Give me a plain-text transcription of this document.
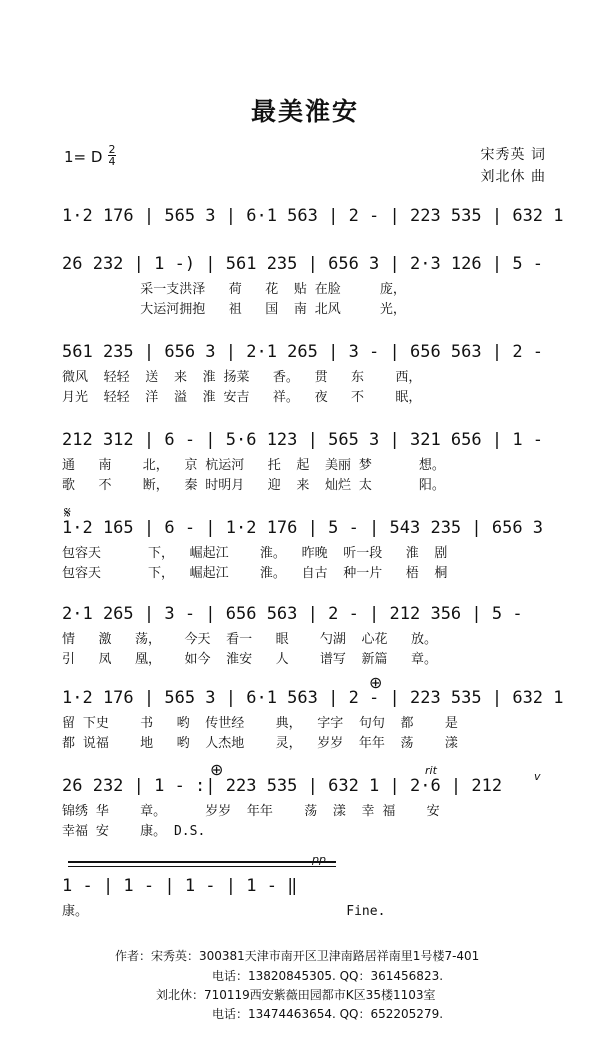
最美淮安
1= D 2
4	宋秀英 词
刘北休 曲
1·2 176 | 565 3 | 6·1 563 | 2 - | 223 535 | 632 1
26 232 | 1 -) | 561 235 | 656 3 | 2·3 126 | 5 -
采一支洪泽   荷   花  贴 在脸     庞，
大运河拥抱   祖   国  南 北风     光，
561 235 | 656 3 | 2·1 265 | 3 - | 656 563 | 2 -
微风  轻轻  送  来  淮 扬菜   香。  贯   东    西，
月光  轻轻  洋  溢  淮 安吉   祥。  夜   不    眠，
212 312 | 6 - | 5·6 123 | 565 3 | 321 656 | 1 -
通   南    北，  京 杭运河   托  起  美丽 梦      想。
歌   不    断，  秦 时明月   迎  来  灿烂 太      阳。
𝄋
1·2 165 | 6 - | 1·2 176 | 5 - | 543 235 | 656 3
包容天      下，  崛起江    淮。  昨晚  听一段   淮  剧
包容天      下，  崛起江    淮。  自古  种一片   梧  桐
2·1 265 | 3 - | 656 563 | 2 - | 212 356 | 5 -
情   激   荡，   今天  看一   眼    勺湖  心花   放。
引   凤   凰，   如今  淮安   人    谱写  新篇   章。
⊕
1·2 176 | 565 3 | 6·1 563 | 2 - | 223 535 | 632 1
留 下史    书   哟  传世经    典，  字字  句句  都    是
都 说福    地   哟  人杰地    灵，  岁岁  年年  荡    漾
⊕	rit	v
26 232 | 1 - :| 223 535 | 632 1 | 2·6 | 212
锦绣 华    章。     岁岁  年年    荡  漾  幸 福    安
幸福 安    康。 D.S.
pp
1 - | 1 - | 1 - | 1 - ‖
康。                                 Fine.
作者：宋秀英：300381天津市南开区卫津南路居祥南里1号楼7-401
电话：13820845305. QQ：361456823.
刘北休：710119西安紫薇田园都市K区35楼1103室
电话：13474463654. QQ：652205279.
